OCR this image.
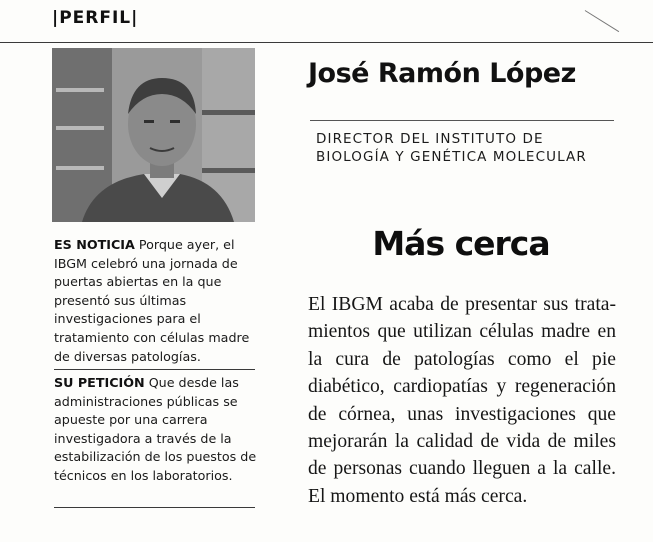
|PERFIL|
José Ramón López
DIRECTOR DEL INSTITUTO DE
BIOLOGÍA Y GENÉTICA MOLECULAR
Más cerca
El IBGM acaba de presentar sus tratamientos que utilizan células madre en la cura de patologías como el pie diabético, cardiopatías y regeneración de córnea, unas investigaciones que mejorarán la calidad de vida de miles de personas cuando lleguen a la calle. El momento está más cerca.
ES NOTICIA Porque ayer, el IBGM celebró una jornada de puertas abiertas en la que presentó sus últimas investigaciones para el tratamiento con células madre de diversas patologías.
SU PETICIÓN Que desde las administraciones públicas se apueste por una carrera investigadora a través de la estabilización de los puestos de técnicos en los laboratorios.
